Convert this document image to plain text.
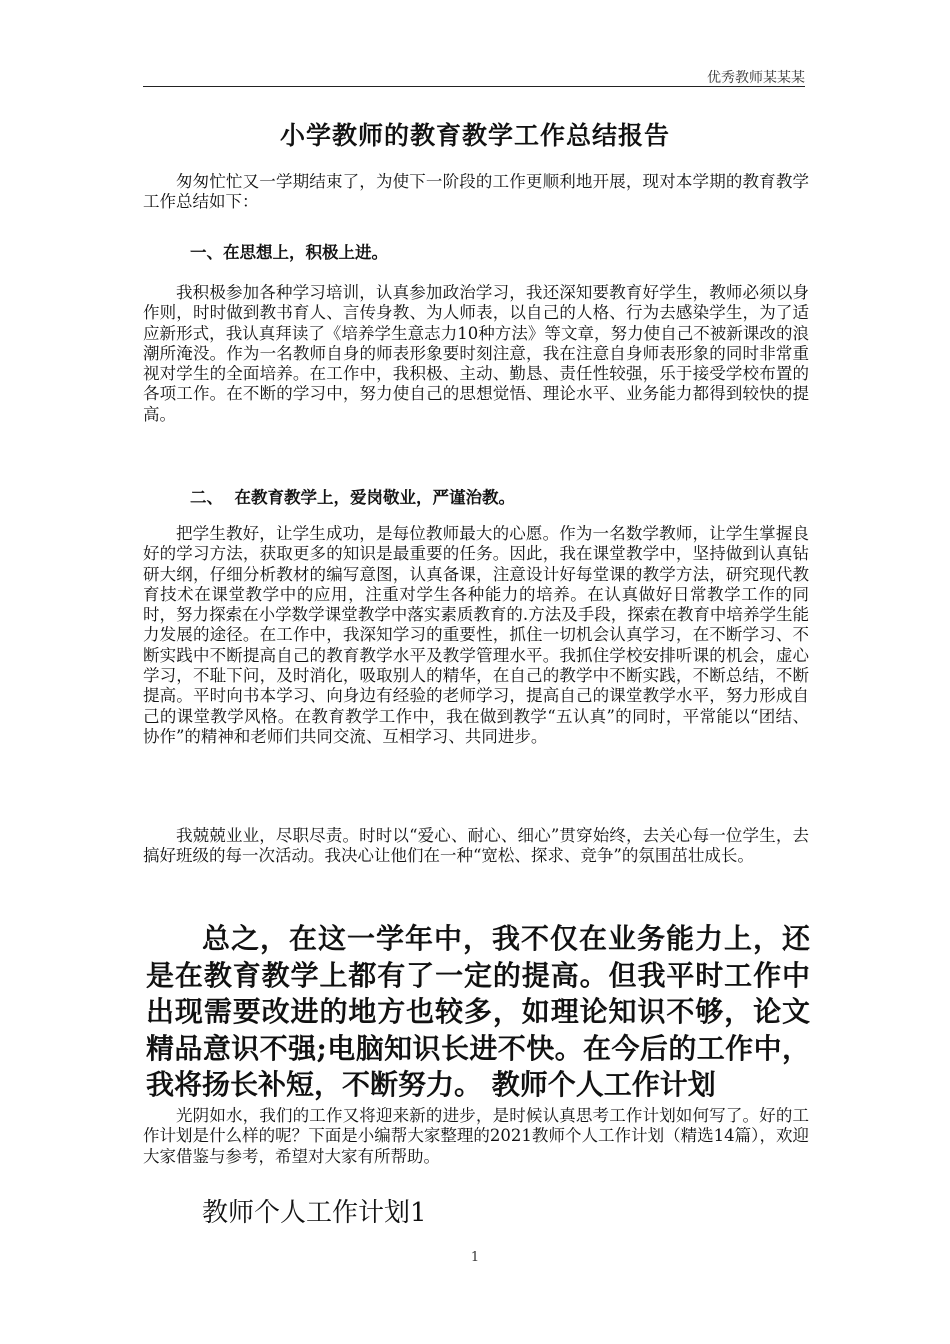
优秀教师某某某
小学教师的教育教学工作总结报告

匆匆忙忙又一学期结束了，为使下一阶段的工作更顺利地开展，现对本学期的教育教学工作总结如下：

一、在思想上，积极上进。

我积极参加各种学习培训，认真参加政治学习，我还深知要教育好学生，教师必须以身作则，时时做到教书育人、言传身教、为人师表，以自己的人格、行为去感染学生，为了适应新形式，我认真拜读了《培养学生意志力10种方法》等文章，努力使自己不被新课改的浪潮所淹没。作为一名教师自身的师表形象要时刻注意，我在注意自身师表形象的同时非常重视对学生的全面培养。在工作中，我积极、主动、勤恳、责任性较强，乐于接受学校布置的各项工作。在不断的学习中，努力使自己的思想觉悟、理论水平、业务能力都得到较快的提高。

二、  在教育教学上，爱岗敬业，严谨治教。

把学生教好，让学生成功，是每位教师最大的心愿。作为一名数学教师，让学生掌握良好的学习方法，获取更多的知识是最重要的任务。因此，我在课堂教学中，坚持做到认真钻研大纲，仔细分析教材的编写意图，认真备课，注意设计好每堂课的教学方法，研究现代教育技术在课堂教学中的应用，注重对学生各种能力的培养。在认真做好日常教学工作的同时，努力探索在小学数学课堂教学中落实素质教育的.方法及手段，探索在教育中培养学生能力发展的途径。在工作中，我深知学习的重要性，抓住一切机会认真学习，在不断学习、不断实践中不断提高自己的教育教学水平及教学管理水平。我抓住学校安排听课的机会，虚心学习，不耻下问，及时消化，吸取别人的精华，在自己的教学中不断实践，不断总结，不断提高。平时向书本学习、向身边有经验的老师学习，提高自己的课堂教学水平，努力形成自己的课堂教学风格。在教育教学工作中，我在做到教学“五认真”的同时，平常能以“团结、协作”的精神和老师们共同交流、互相学习、共同进步。

我兢兢业业，尽职尽责。时时以“爱心、耐心、细心”贯穿始终，去关心每一位学生，去搞好班级的每一次活动。我决心让他们在一种“宽松、探求、竞争”的氛围茁壮成长。

总之，在这一学年中，我不仅在业务能力上，还是在教育教学上都有了一定的提高。但我平时工作中出现需要改进的地方也较多，如理论知识不够，论文精品意识不强;电脑知识长进不快。在今后的工作中，我将扬长补短，不断努力。 教师个人工作计划

光阴如水，我们的工作又将迎来新的进步，是时候认真思考工作计划如何写了。好的工作计划是什么样的呢？下面是小编帮大家整理的2021教师个人工作计划（精选14篇），欢迎大家借鉴与参考，希望对大家有所帮助。

教师个人工作计划1
1
